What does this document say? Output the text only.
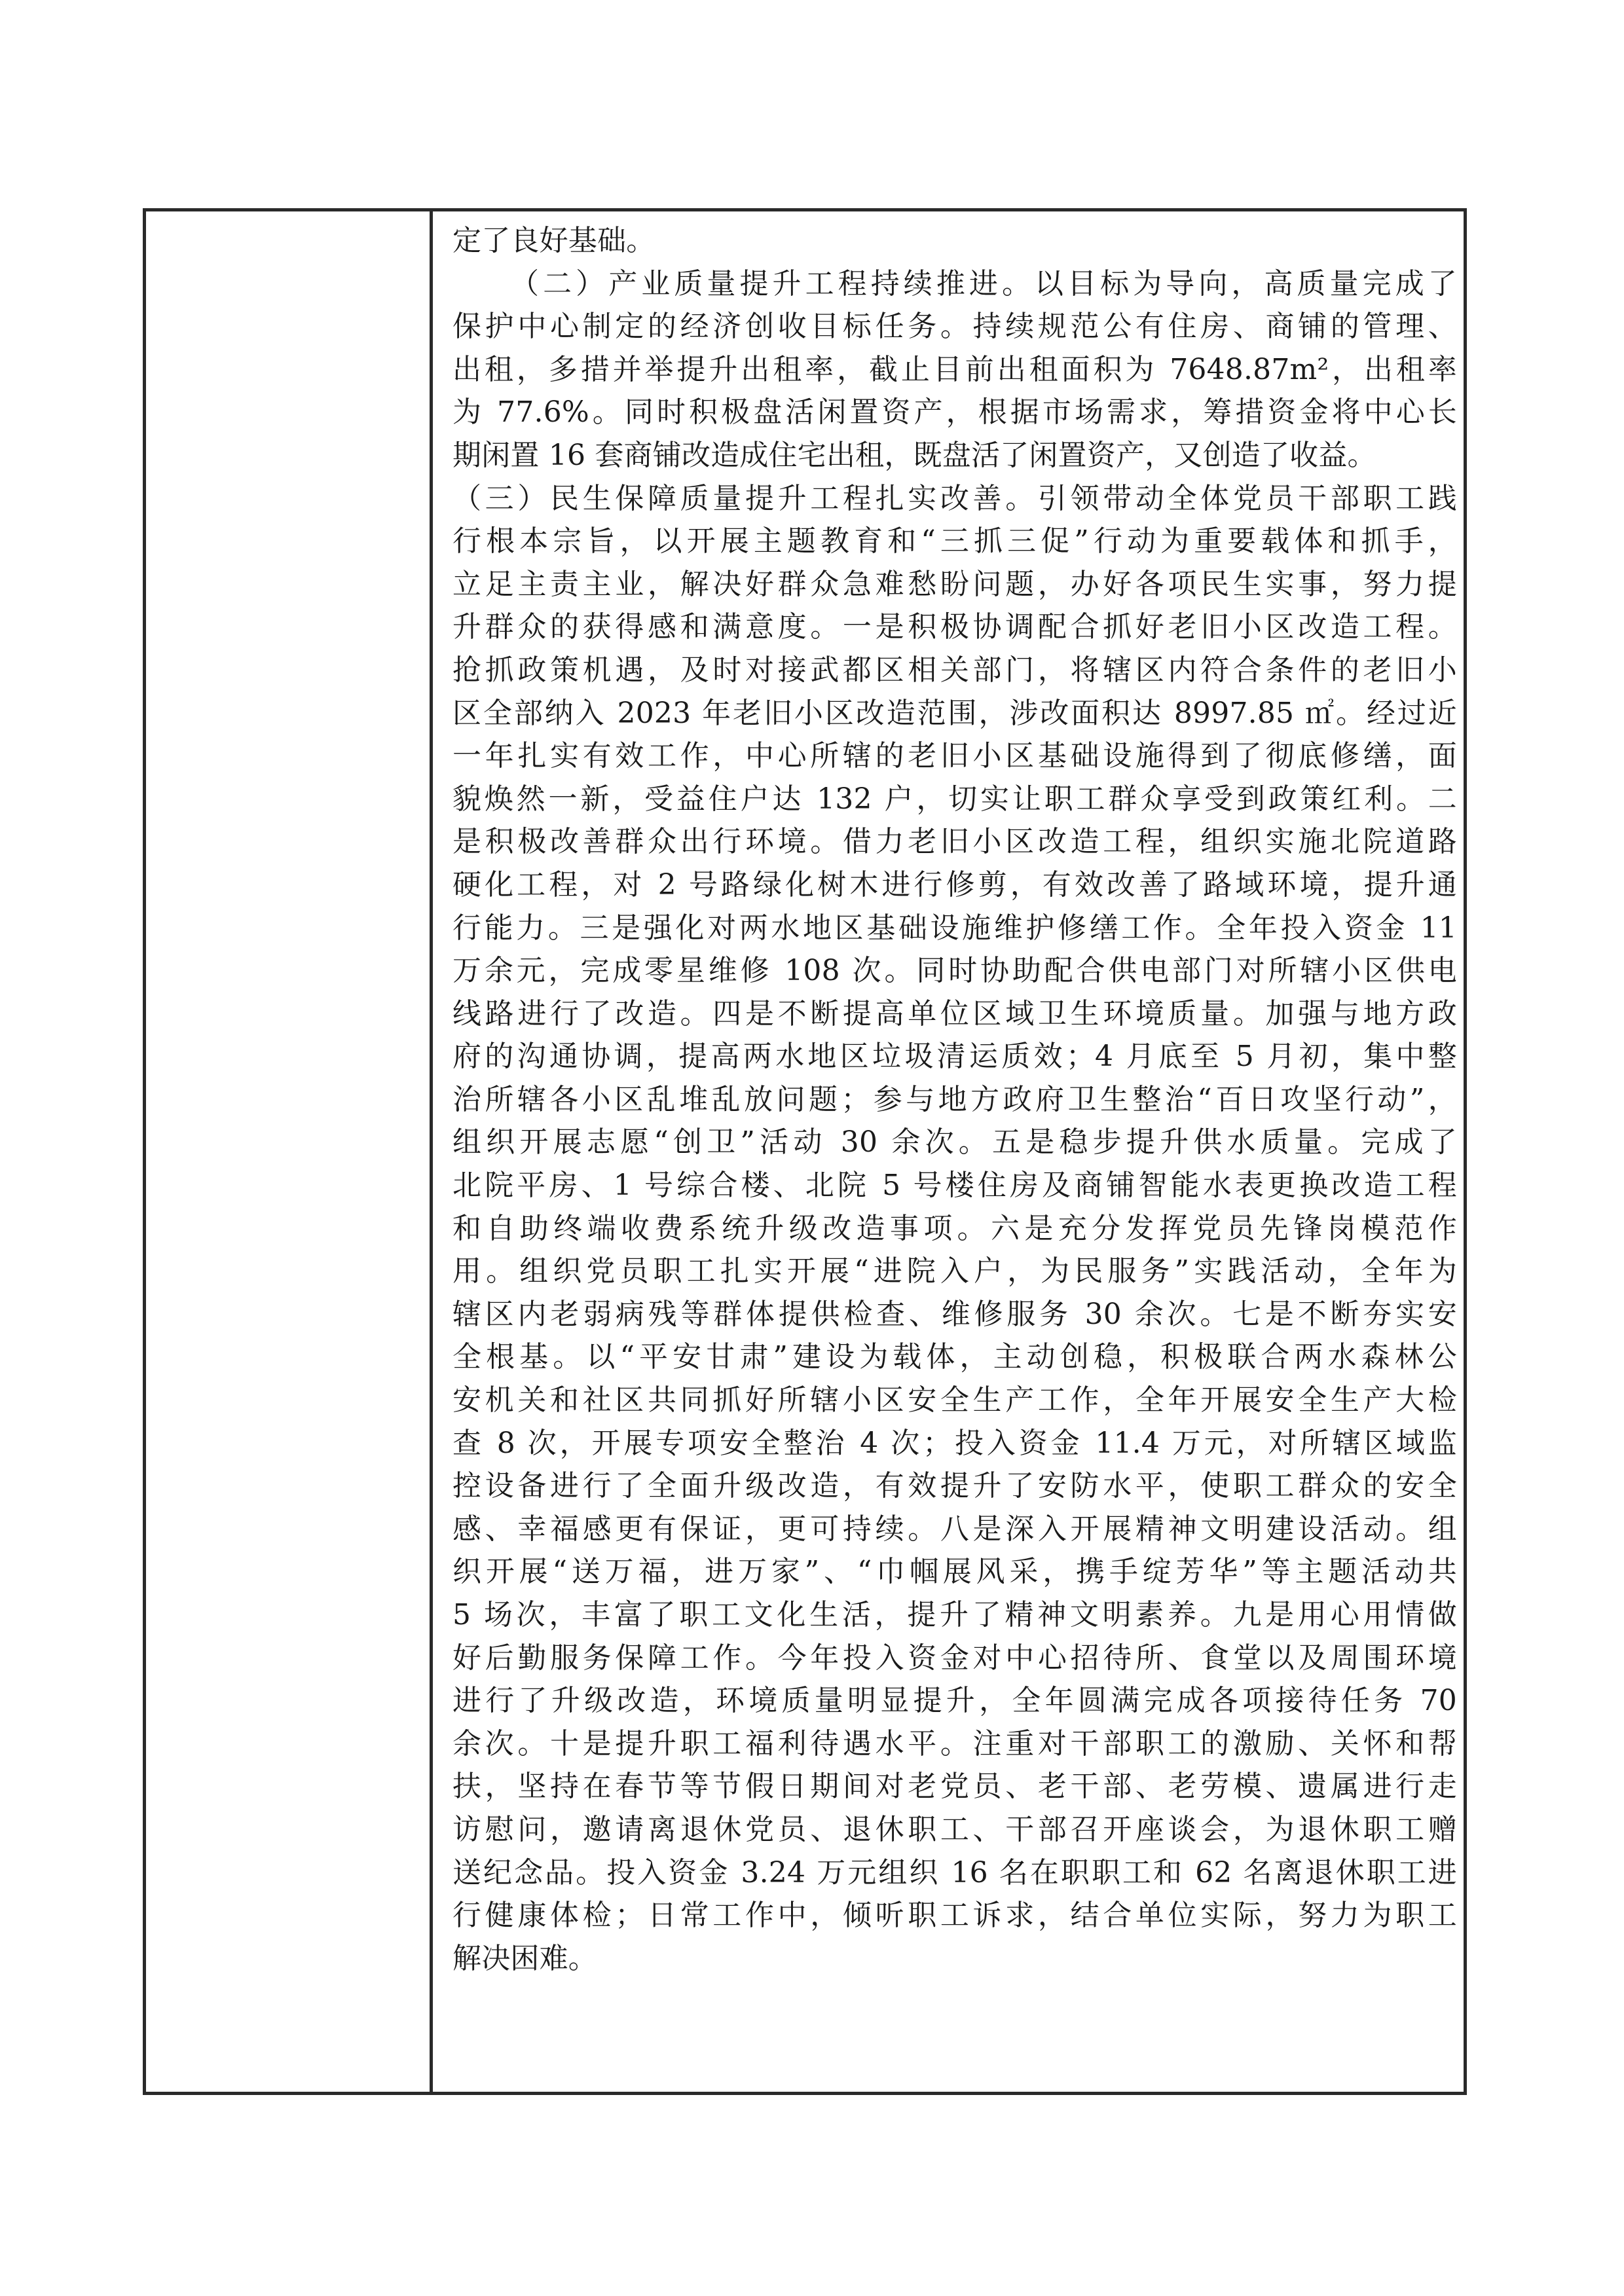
定了良好基础。
（二）产业质量提升工程持续推进。以目标为导向，高质量完成了
保护中心制定的经济创收目标任务。持续规范公有住房、商铺的管理、
出租，多措并举提升出租率，截止目前出租面积为 7648.87m²，出租率
为 77.6%。同时积极盘活闲置资产，根据市场需求，筹措资金将中心长
期闲置 16 套商铺改造成住宅出租，既盘活了闲置资产，又创造了收益。
（三）民生保障质量提升工程扎实改善。引领带动全体党员干部职工践
行根本宗旨，以开展主题教育和“三抓三促”行动为重要载体和抓手，
立足主责主业，解决好群众急难愁盼问题，办好各项民生实事，努力提
升群众的获得感和满意度。一是积极协调配合抓好老旧小区改造工程。
抢抓政策机遇，及时对接武都区相关部门，将辖区内符合条件的老旧小
区全部纳入 2023 年老旧小区改造范围，涉改面积达 8997.85 ㎡。经过近
一年扎实有效工作，中心所辖的老旧小区基础设施得到了彻底修缮，面
貌焕然一新，受益住户达 132 户，切实让职工群众享受到政策红利。二
是积极改善群众出行环境。借力老旧小区改造工程，组织实施北院道路
硬化工程，对 2 号路绿化树木进行修剪，有效改善了路域环境，提升通
行能力。三是强化对两水地区基础设施维护修缮工作。全年投入资金 11
万余元，完成零星维修 108 次。同时协助配合供电部门对所辖小区供电
线路进行了改造。四是不断提高单位区域卫生环境质量。加强与地方政
府的沟通协调，提高两水地区垃圾清运质效；4 月底至 5 月初，集中整
治所辖各小区乱堆乱放问题；参与地方政府卫生整治“百日攻坚行动”，
组织开展志愿“创卫”活动 30 余次。五是稳步提升供水质量。完成了
北院平房、1 号综合楼、北院 5 号楼住房及商铺智能水表更换改造工程
和自助终端收费系统升级改造事项。六是充分发挥党员先锋岗模范作
用。组织党员职工扎实开展“进院入户，为民服务”实践活动，全年为
辖区内老弱病残等群体提供检查、维修服务 30 余次。七是不断夯实安
全根基。以“平安甘肃”建设为载体，主动创稳，积极联合两水森林公
安机关和社区共同抓好所辖小区安全生产工作，全年开展安全生产大检
查 8 次，开展专项安全整治 4 次；投入资金 11.4 万元，对所辖区域监
控设备进行了全面升级改造，有效提升了安防水平，使职工群众的安全
感、幸福感更有保证，更可持续。八是深入开展精神文明建设活动。组
织开展“送万福，进万家”、“巾帼展风采，携手绽芳华”等主题活动共
5 场次，丰富了职工文化生活，提升了精神文明素养。九是用心用情做
好后勤服务保障工作。今年投入资金对中心招待所、食堂以及周围环境
进行了升级改造，环境质量明显提升，全年圆满完成各项接待任务 70
余次。十是提升职工福利待遇水平。注重对干部职工的激励、关怀和帮
扶，坚持在春节等节假日期间对老党员、老干部、老劳模、遗属进行走
访慰问，邀请离退休党员、退休职工、干部召开座谈会，为退休职工赠
送纪念品。投入资金 3.24 万元组织 16 名在职职工和 62 名离退休职工进
行健康体检；日常工作中，倾听职工诉求，结合单位实际，努力为职工
解决困难。
